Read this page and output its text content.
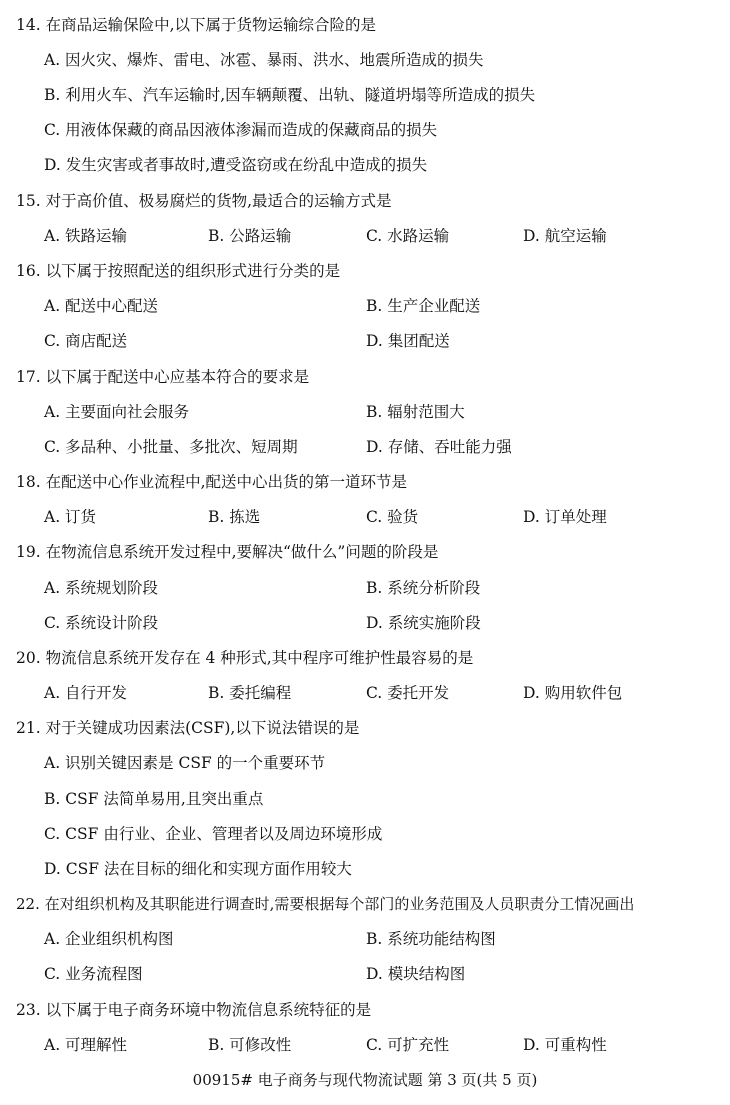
14. 在商品运输保险中,以下属于货物运输综合险的是
A. 因火灾、爆炸、雷电、冰雹、暴雨、洪水、地震所造成的损失
B. 利用火车、汽车运输时,因车辆颠覆、出轨、隧道坍塌等所造成的损失
C. 用液体保藏的商品因液体渗漏而造成的保藏商品的损失
D. 发生灾害或者事故时,遭受盗窃或在纷乱中造成的损失
15. 对于高价值、极易腐烂的货物,最适合的运输方式是
A. 铁路运输	B. 公路运输	C. 水路运输	D. 航空运输
16. 以下属于按照配送的组织形式进行分类的是
A. 配送中心配送	B. 生产企业配送
C. 商店配送	D. 集团配送
17. 以下属于配送中心应基本符合的要求是
A. 主要面向社会服务	B. 辐射范围大
C. 多品种、小批量、多批次、短周期	D. 存储、吞吐能力强
18. 在配送中心作业流程中,配送中心出货的第一道环节是
A. 订货	B. 拣选	C. 验货	D. 订单处理
19. 在物流信息系统开发过程中,要解决“做什么”问题的阶段是
A. 系统规划阶段	B. 系统分析阶段
C. 系统设计阶段	D. 系统实施阶段
20. 物流信息系统开发存在 4 种形式,其中程序可维护性最容易的是
A. 自行开发	B. 委托编程	C. 委托开发	D. 购用软件包
21. 对于关键成功因素法(CSF),以下说法错误的是
A. 识别关键因素是 CSF 的一个重要环节
B. CSF 法简单易用,且突出重点
C. CSF 由行业、企业、管理者以及周边环境形成
D. CSF 法在目标的细化和实现方面作用较大
22. 在对组织机构及其职能进行调查时,需要根据每个部门的业务范围及人员职责分工情况画出
A. 企业组织机构图	B. 系统功能结构图
C. 业务流程图	D. 模块结构图
23. 以下属于电子商务环境中物流信息系统特征的是
A. 可理解性	B. 可修改性	C. 可扩充性	D. 可重构性
00915# 电子商务与现代物流试题 第 3 页(共 5 页)
